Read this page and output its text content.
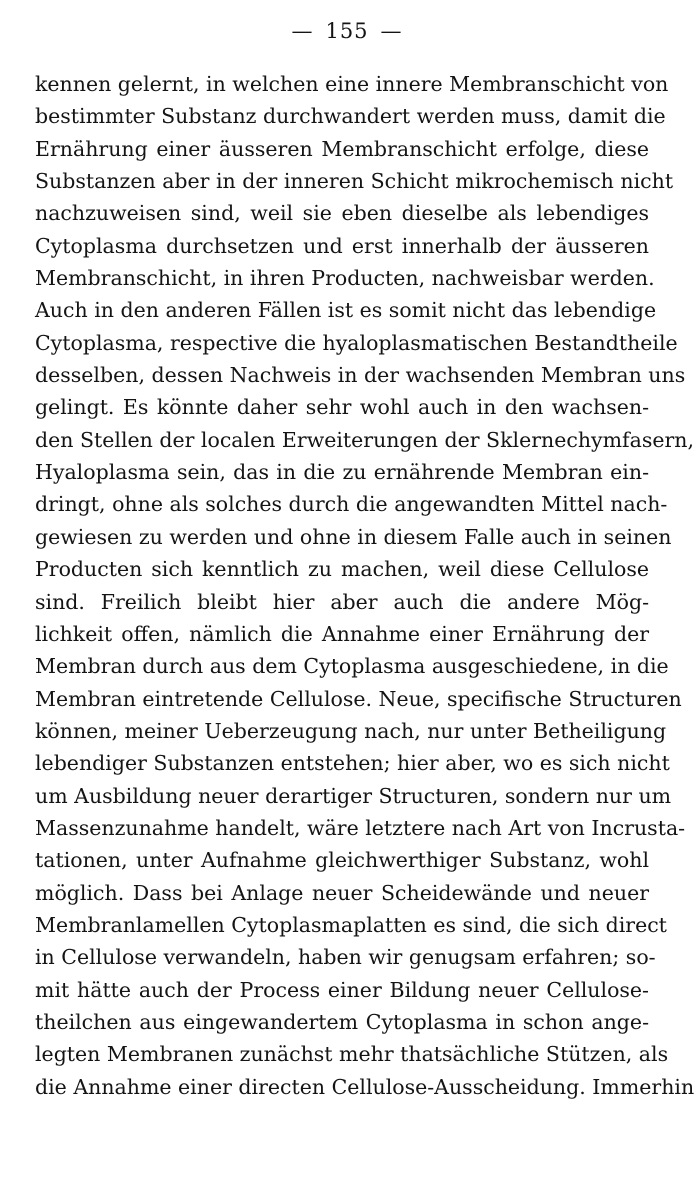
— 155 —
kennen gelernt, in welchen eine innere Membranschicht von
bestimmter Substanz durchwandert werden muss, damit die
Ernährung einer äusseren Membranschicht erfolge, diese
Substanzen aber in der inneren Schicht mikrochemisch nicht
nachzuweisen sind, weil sie eben dieselbe als lebendiges
Cytoplasma durchsetzen und erst innerhalb der äusseren
Membranschicht, in ihren Producten, nachweisbar werden.
Auch in den anderen Fällen ist es somit nicht das lebendige
Cytoplasma, respective die hyaloplasmatischen Bestandtheile
desselben, dessen Nachweis in der wachsenden Membran uns
gelingt. Es könnte daher sehr wohl auch in den wachsen-
den Stellen der localen Erweiterungen der Sklernechymfasern,
Hyaloplasma sein, das in die zu ernährende Membran ein-
dringt, ohne als solches durch die angewandten Mittel nach-
gewiesen zu werden und ohne in diesem Falle auch in seinen
Producten sich kenntlich zu machen, weil diese Cellulose
sind. Freilich bleibt hier aber auch die andere Mög-
lichkeit offen, nämlich die Annahme einer Ernährung der
Membran durch aus dem Cytoplasma ausgeschiedene, in die
Membran eintretende Cellulose. Neue, specifische Structuren
können, meiner Ueberzeugung nach, nur unter Betheiligung
lebendiger Substanzen entstehen; hier aber, wo es sich nicht
um Ausbildung neuer derartiger Structuren, sondern nur um
Massenzunahme handelt, wäre letztere nach Art von Incrusta-
tationen, unter Aufnahme gleichwerthiger Substanz, wohl
möglich. Dass bei Anlage neuer Scheidewände und neuer
Membranlamellen Cytoplasmaplatten es sind, die sich direct
in Cellulose verwandeln, haben wir genugsam erfahren; so-
mit hätte auch der Process einer Bildung neuer Cellulose-
theilchen aus eingewandertem Cytoplasma in schon ange-
legten Membranen zunächst mehr thatsächliche Stützen, als
die Annahme einer directen Cellulose-Ausscheidung. Immerhin
